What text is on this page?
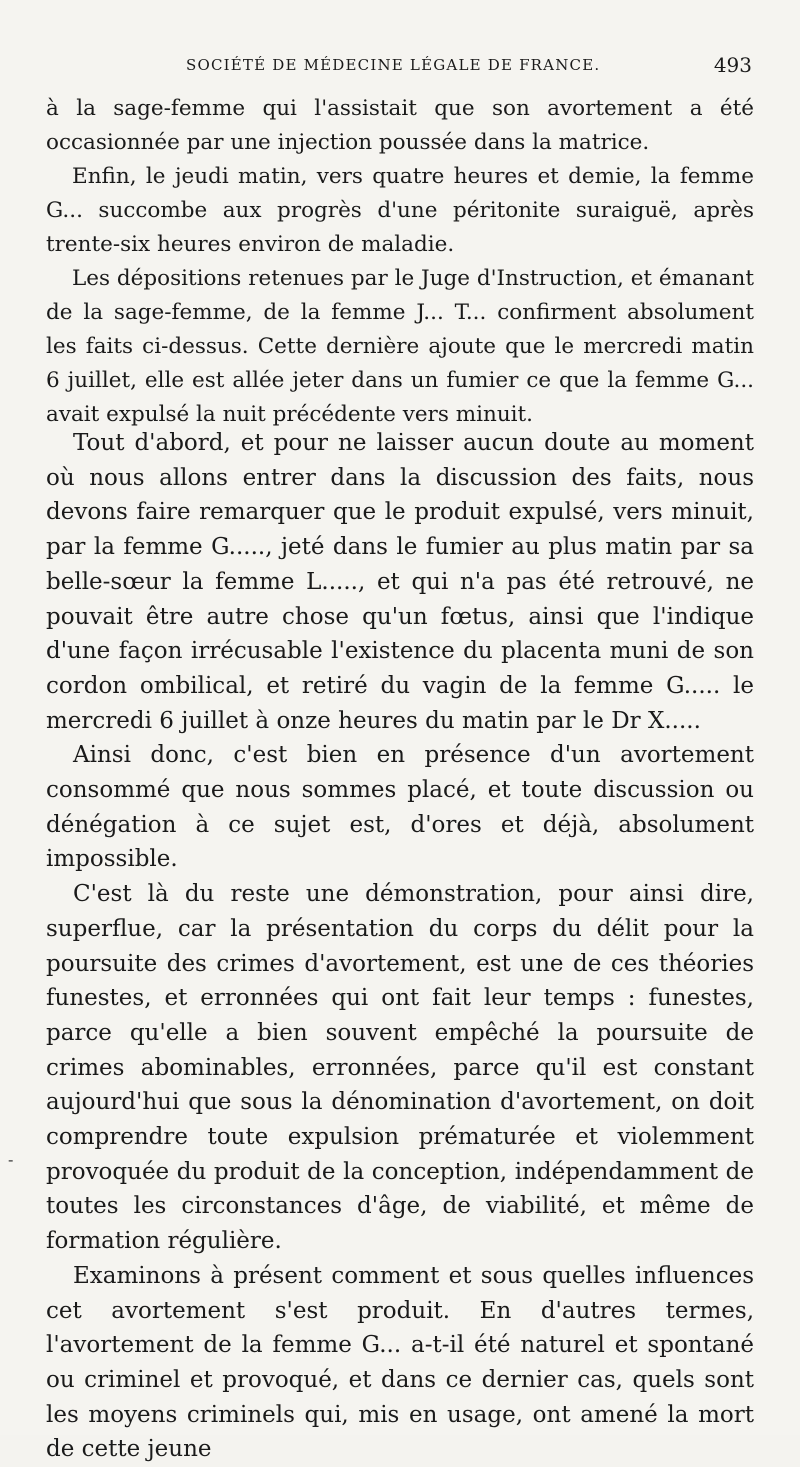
SOCIÉTÉ DE MÉDECINE LÉGALE DE FRANCE.	493

à la sage-femme qui l'assistait que son avortement a été occasionnée par une injection poussée dans la matrice.

Enfin, le jeudi matin, vers quatre heures et demie, la femme G... succombe aux progrès d'une péritonite suraiguë, après trente-six heures environ de maladie.

Les dépositions retenues par le Juge d'Instruction, et émanant de la sage-femme, de la femme J... T... confirment absolument les faits ci-dessus. Cette dernière ajoute que le mercredi matin 6 juillet, elle est allée jeter dans un fumier ce que la femme G... avait expulsé la nuit précédente vers minuit.

Tout d'abord, et pour ne laisser aucun doute au moment où nous allons entrer dans la discussion des faits, nous devons faire remarquer que le produit expulsé, vers minuit, par la femme G....., jeté dans le fumier au plus matin par sa belle-sœur la femme L....., et qui n'a pas été retrouvé, ne pouvait être autre chose qu'un fœtus, ainsi que l'indique d'une façon irrécusable l'existence du placenta muni de son cordon ombilical, et retiré du vagin de la femme G..... le mercredi 6 juillet à onze heures du matin par le Dr X.....

Ainsi donc, c'est bien en présence d'un avortement consommé que nous sommes placé, et toute discussion ou dénégation à ce sujet est, d'ores et déjà, absolument impossible.

C'est là du reste une démonstration, pour ainsi dire, superflue, car la présentation du corps du délit pour la poursuite des crimes d'avortement, est une de ces théories funestes, et erronnées qui ont fait leur temps : funestes, parce qu'elle a bien souvent empêché la poursuite de crimes abominables, erronnées, parce qu'il est constant aujourd'hui que sous la dénomination d'avortement, on doit comprendre toute expulsion prématurée et violemment provoquée du produit de la conception, indépendamment de toutes les circonstances d'âge, de viabilité, et même de formation régulière.

Examinons à présent comment et sous quelles influences cet avortement s'est produit. En d'autres termes, l'avortement de la femme G... a-t-il été naturel et spontané ou criminel et provoqué, et dans ce dernier cas, quels sont les moyens criminels qui, mis en usage, ont amené la mort de cette jeune

-
